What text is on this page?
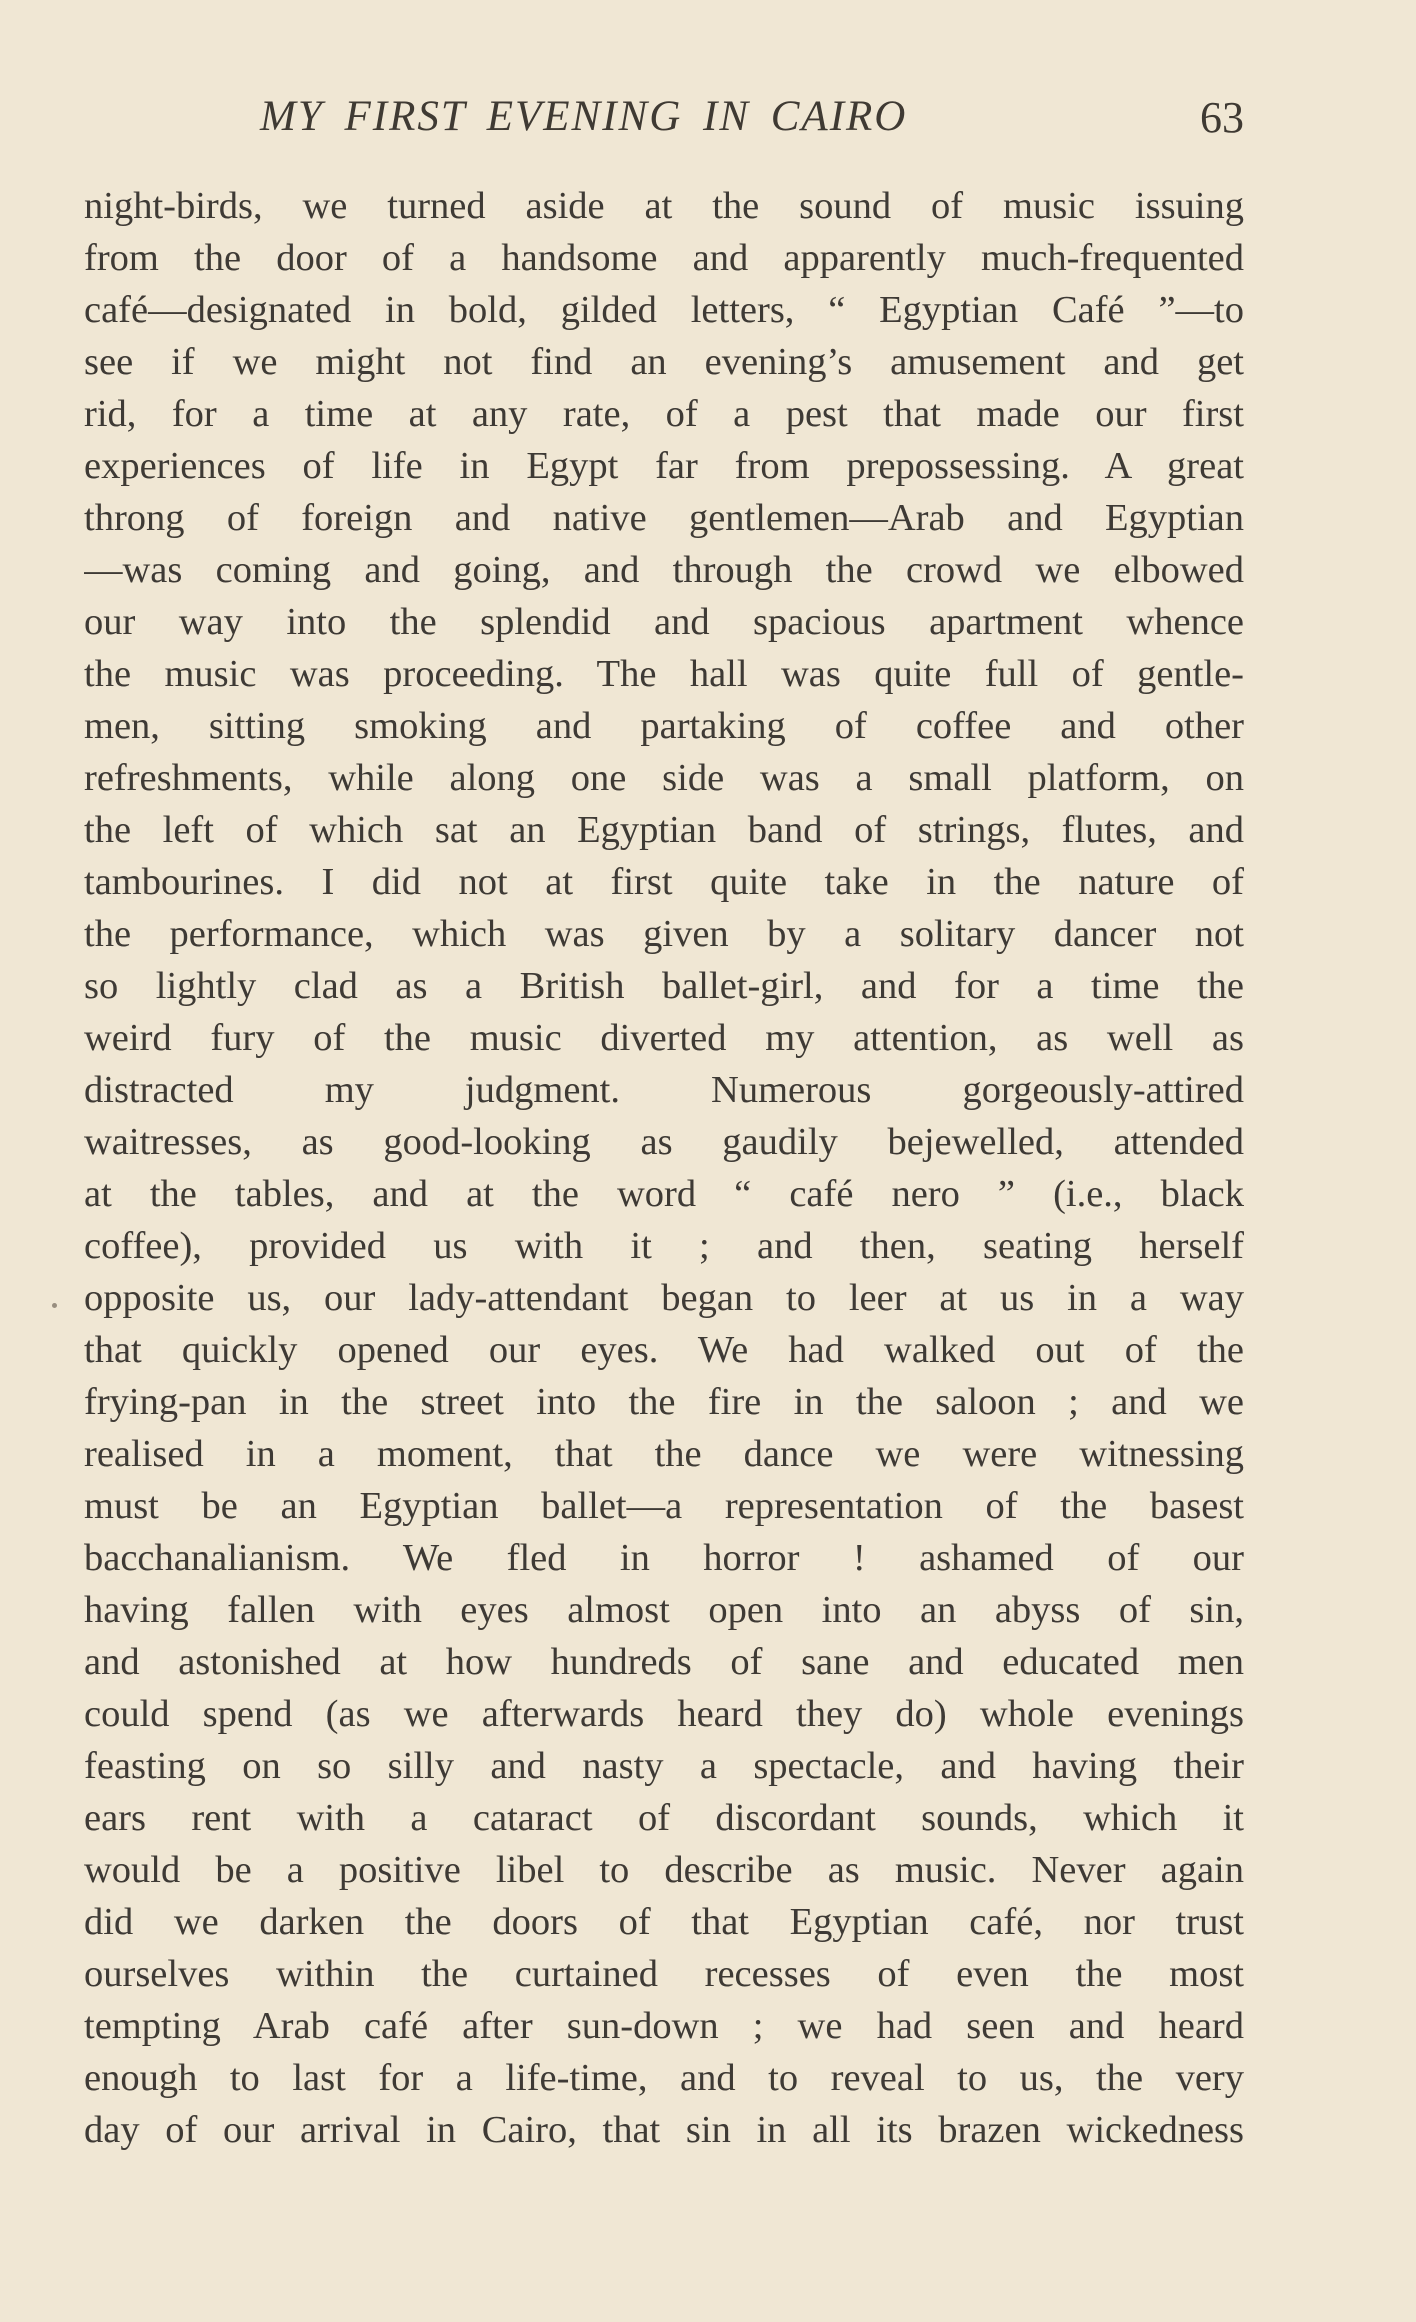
MY FIRST EVENING IN CAIRO	63
night-birds, we turned aside at the sound of music issuing
from the door of a handsome and apparently much-frequented
café—designated in bold, gilded letters, “ Egyptian Café ”—to
see if we might not find an evening’s amusement and get
rid, for a time at any rate, of a pest that made our first
experiences of life in Egypt far from prepossessing. A great
throng of foreign and native gentlemen—Arab and Egyptian
—was coming and going, and through the crowd we elbowed
our way into the splendid and spacious apartment whence
the music was proceeding. The hall was quite full of gentle-
men, sitting smoking and partaking of coffee and other
refreshments, while along one side was a small platform, on
the left of which sat an Egyptian band of strings, flutes, and
tambourines. I did not at first quite take in the nature of
the performance, which was given by a solitary dancer not
so lightly clad as a British ballet-girl, and for a time the
weird fury of the music diverted my attention, as well as
distracted my judgment. Numerous gorgeously-attired
waitresses, as good-looking as gaudily bejewelled, attended
at the tables, and at the word “ café nero ” (i.e., black
coffee), provided us with it ; and then, seating herself
opposite us, our lady-attendant began to leer at us in a way
that quickly opened our eyes. We had walked out of the
frying-pan in the street into the fire in the saloon ; and we
realised in a moment, that the dance we were witnessing
must be an Egyptian ballet—a representation of the basest
bacchanalianism. We fled in horror ! ashamed of our
having fallen with eyes almost open into an abyss of sin,
and astonished at how hundreds of sane and educated men
could spend (as we afterwards heard they do) whole evenings
feasting on so silly and nasty a spectacle, and having their
ears rent with a cataract of discordant sounds, which it
would be a positive libel to describe as music. Never again
did we darken the doors of that Egyptian café, nor trust
ourselves within the curtained recesses of even the most
tempting Arab café after sun-down ; we had seen and heard
enough to last for a life-time, and to reveal to us, the very
day of our arrival in Cairo, that sin in all its brazen wickedness
